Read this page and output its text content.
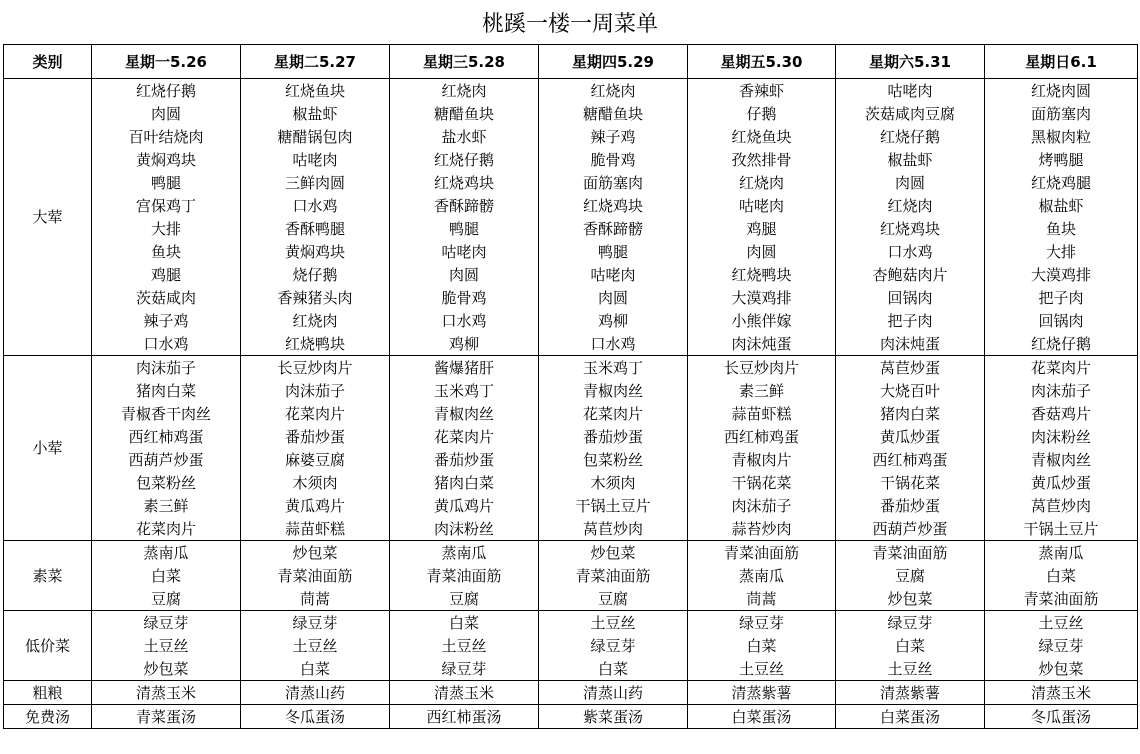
桃蹊一楼一周菜单
类别	星期一5.26	星期二5.27	星期三5.28	星期四5.29	星期五5.30	星期六5.31	星期日6.1
大荤	红烧仔鹅	红烧鱼块	红烧肉	红烧肉	香辣虾	咕咾肉	红烧肉圆
	肉圆	椒盐虾	糖醋鱼块	糖醋鱼块	仔鹅	茨菇咸肉豆腐	面筋塞肉
	百叶结烧肉	糖醋锅包肉	盐水虾	辣子鸡	红烧鱼块	红烧仔鹅	黑椒肉粒
	黄焖鸡块	咕咾肉	红烧仔鹅	脆骨鸡	孜然排骨	椒盐虾	烤鸭腿
	鸭腿	三鲜肉圆	红烧鸡块	面筋塞肉	红烧肉	肉圆	红烧鸡腿
	宫保鸡丁	口水鸡	香酥蹄髈	红烧鸡块	咕咾肉	红烧肉	椒盐虾
	大排	香酥鸭腿	鸭腿	香酥蹄髈	鸡腿	红烧鸡块	鱼块
	鱼块	黄焖鸡块	咕咾肉	鸭腿	肉圆	口水鸡	大排
	鸡腿	烧仔鹅	肉圆	咕咾肉	红烧鸭块	杏鲍菇肉片	大漠鸡排
	茨菇咸肉	香辣猪头肉	脆骨鸡	肉圆	大漠鸡排	回锅肉	把子肉
	辣子鸡	红烧肉	口水鸡	鸡柳	小熊伴嫁	把子肉	回锅肉
	口水鸡	红烧鸭块	鸡柳	口水鸡	肉沫炖蛋	肉沫炖蛋	红烧仔鹅
小荤	肉沫茄子	长豆炒肉片	酱爆猪肝	玉米鸡丁	长豆炒肉片	莴苣炒蛋	花菜肉片
	猪肉白菜	肉沫茄子	玉米鸡丁	青椒肉丝	素三鲜	大烧百叶	肉沫茄子
	青椒香干肉丝	花菜肉片	青椒肉丝	花菜肉片	蒜苗虾糕	猪肉白菜	香菇鸡片
	西红柿鸡蛋	番茄炒蛋	花菜肉片	番茄炒蛋	西红柿鸡蛋	黄瓜炒蛋	肉沫粉丝
	西葫芦炒蛋	麻婆豆腐	番茄炒蛋	包菜粉丝	青椒肉片	西红柿鸡蛋	青椒肉丝
	包菜粉丝	木须肉	猪肉白菜	木须肉	干锅花菜	干锅花菜	黄瓜炒蛋
	素三鲜	黄瓜鸡片	黄瓜鸡片	干锅土豆片	肉沫茄子	番茄炒蛋	莴苣炒肉
	花菜肉片	蒜苗虾糕	肉沫粉丝	莴苣炒肉	蒜苔炒肉	西葫芦炒蛋	干锅土豆片
素菜	蒸南瓜	炒包菜	蒸南瓜	炒包菜	青菜油面筋	青菜油面筋	蒸南瓜
	白菜	青菜油面筋	青菜油面筋	青菜油面筋	蒸南瓜	豆腐	白菜
	豆腐	茼蒿	豆腐	豆腐	茼蒿	炒包菜	青菜油面筋
低价菜	绿豆芽	绿豆芽	白菜	土豆丝	绿豆芽	绿豆芽	土豆丝
	土豆丝	土豆丝	土豆丝	绿豆芽	白菜	白菜	绿豆芽
	炒包菜	白菜	绿豆芽	白菜	土豆丝	土豆丝	炒包菜
粗粮	清蒸玉米	清蒸山药	清蒸玉米	清蒸山药	清蒸紫薯	清蒸紫薯	清蒸玉米
免费汤	青菜蛋汤	冬瓜蛋汤	西红柿蛋汤	紫菜蛋汤	白菜蛋汤	白菜蛋汤	冬瓜蛋汤
